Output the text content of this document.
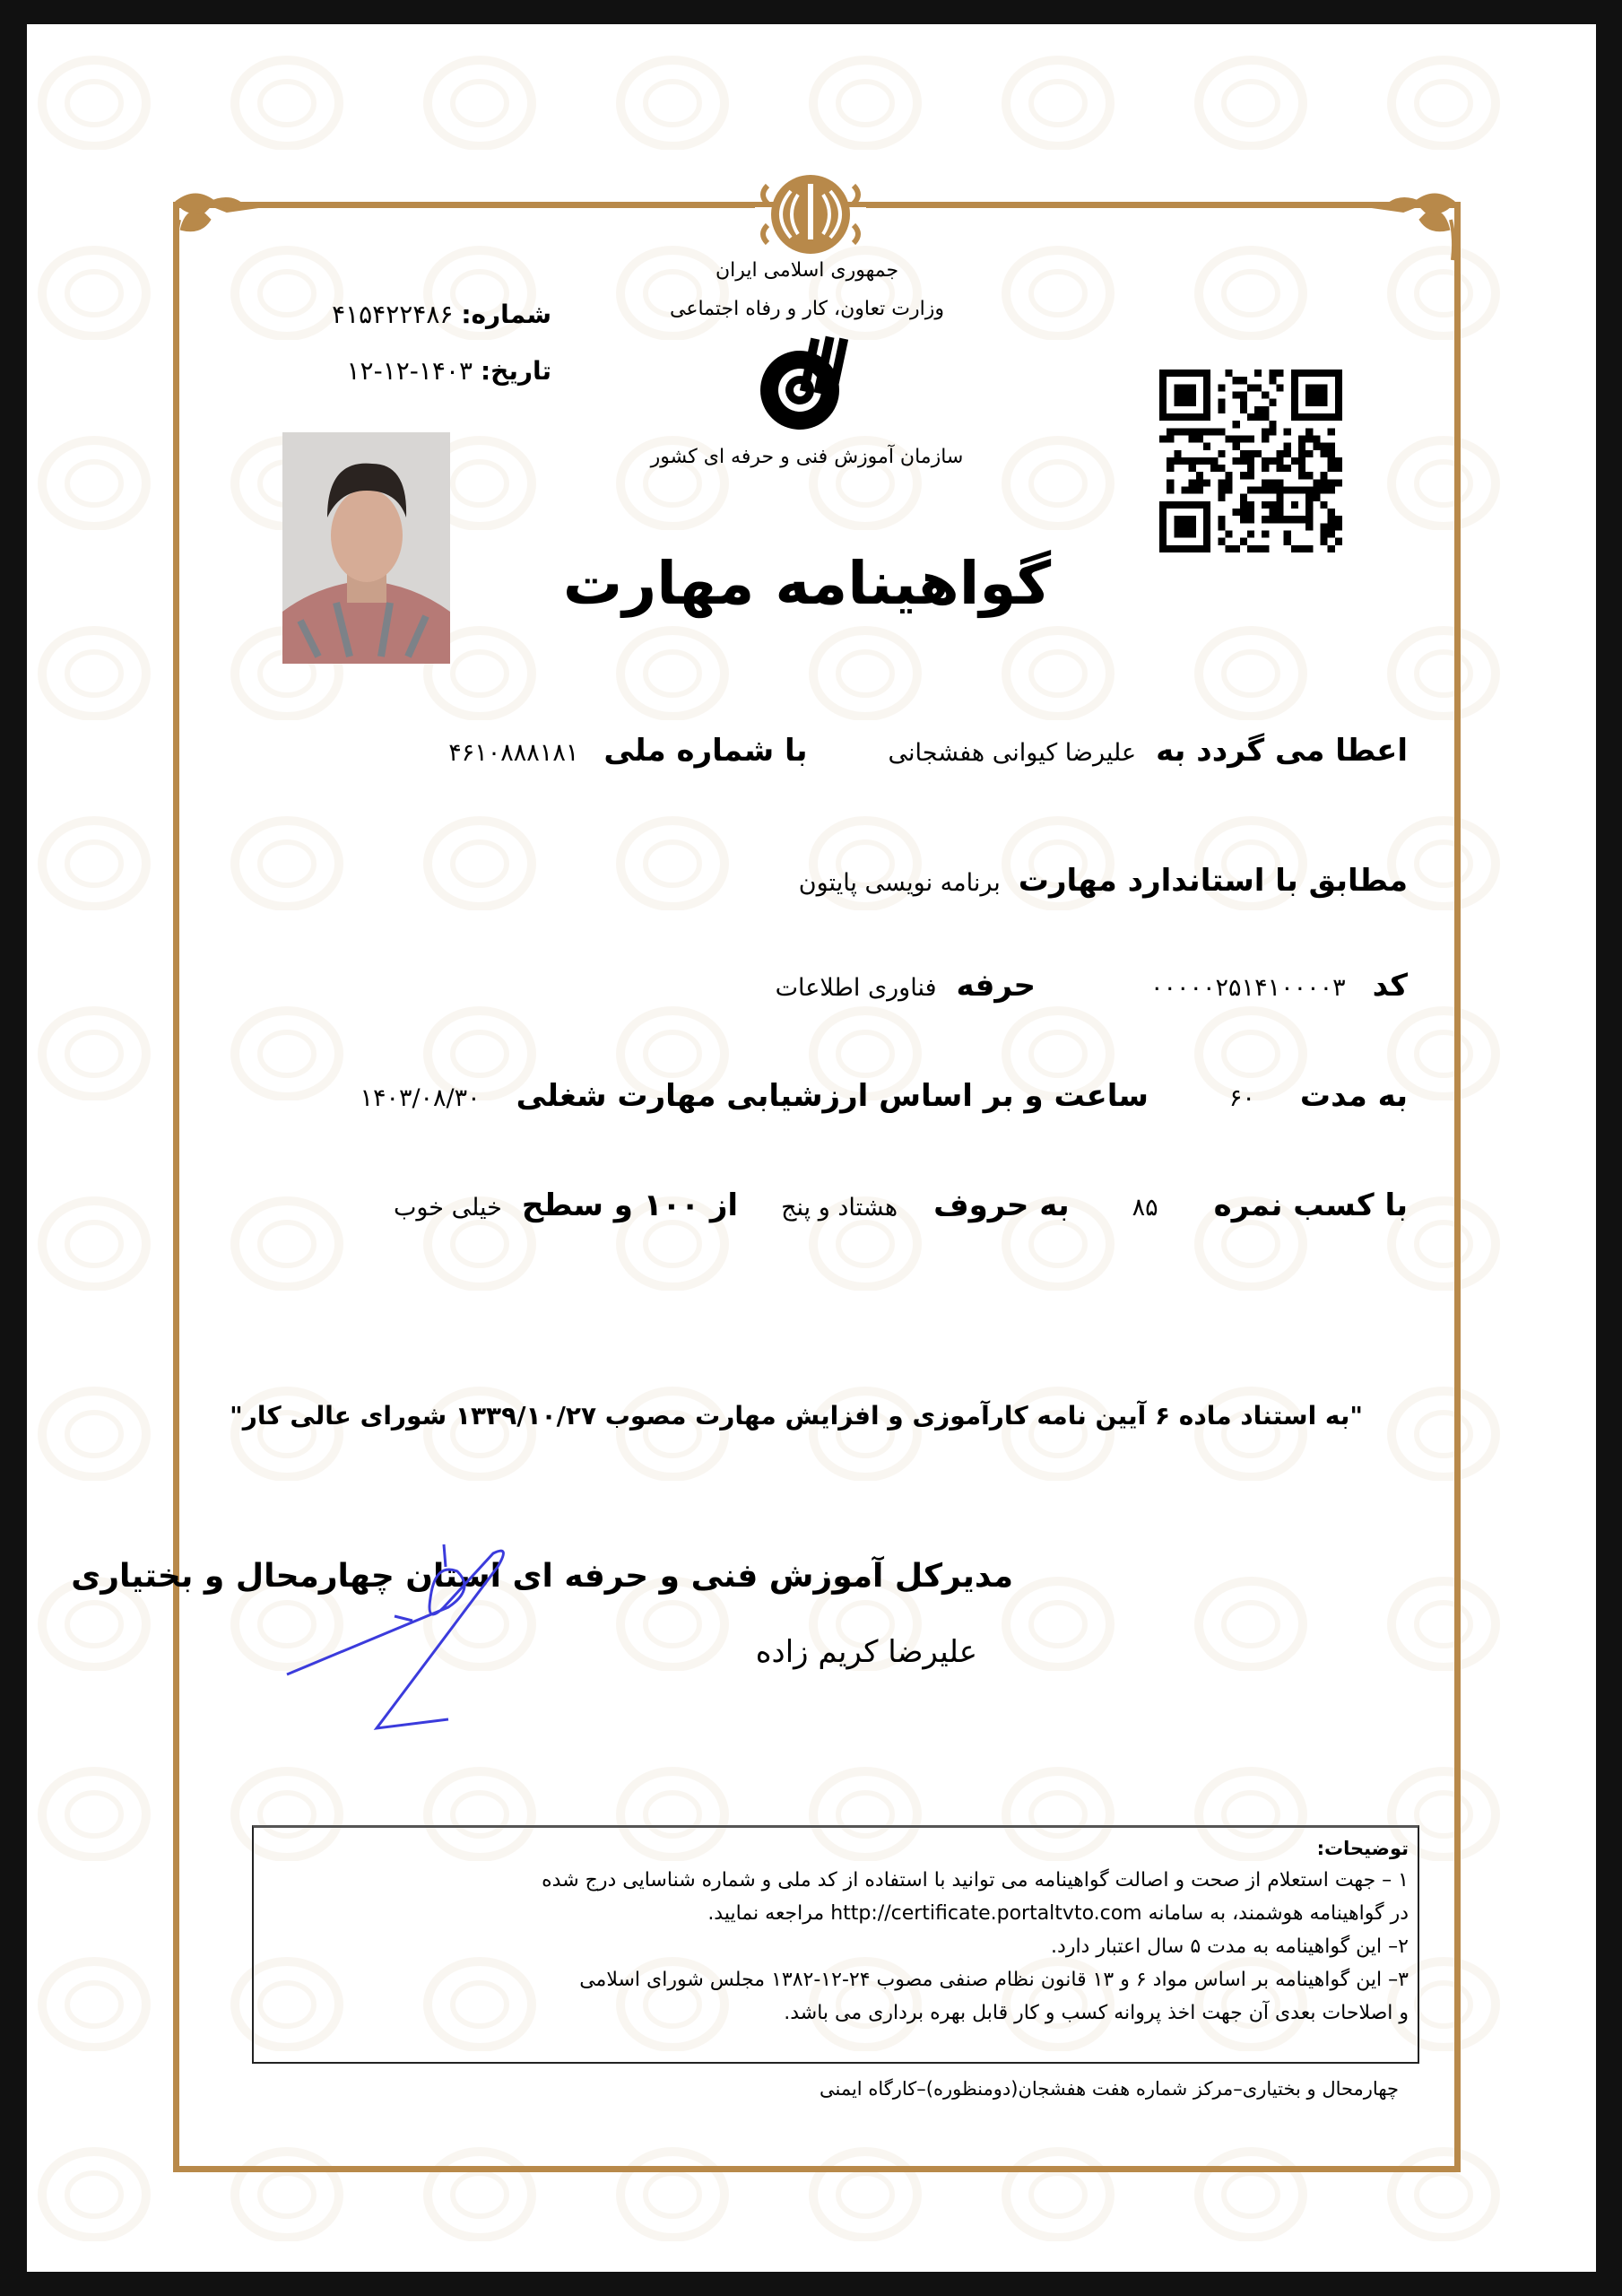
جمهوری اسلامی ایران
وزارت تعاون، کار و رفاه اجتماعی
سازمان آموزش فنی و حرفه ای کشور
شماره: ۴۱۵۴۲۲۴۸۶
تاریخ: ۱۴۰۳-۱۲-۱۲
گواهینامه مهارت
اعطا می گردد به
علیرضا کیوانی هفشجانی
با شماره ملی
۴۶۱۰۸۸۸۱۸۱
مطابق با استاندارد مهارت
برنامه نویسی پایتون
کد
۰۰۰۰۰۲۵۱۴۱۰۰۰۰۳
حرفه
فناوری اطلاعات
به مدت
۶۰
ساعت و بر اساس ارزشیابی مهارت شغلی
۱۴۰۳/۰۸/۳۰
با کسب نمره
۸۵
به حروف
هشتاد و پنج
از ۱۰۰ و سطح
خیلی خوب
"به استناد ماده ۶ آیین نامه کارآموزی و افزایش مهارت مصوب ۱۳۳۹/۱۰/۲۷ شورای عالی کار"
مدیرکل آموزش فنی و حرفه ای استان چهارمحال و بختیاری
علیرضا کریم زاده
توضیحات:
۱ – جهت استعلام از صحت و اصالت گواهینامه می توانید با استفاده از کد ملی و شماره شناسایی درج شده
در گواهینامه هوشمند، به سامانه http://certificate.portaltvto.com مراجعه نمایید.
۲– این گواهینامه به مدت ۵ سال اعتبار دارد.
۳– این گواهینامه بر اساس مواد ۶ و ۱۳ قانون نظام صنفی مصوب ۲۴-۱۲-۱۳۸۲ مجلس شورای اسلامی
و اصلاحات بعدی آن جهت اخذ پروانه کسب و کار قابل بهره برداری می باشد.
چهارمحال و بختیاری–مرکز شماره هفت هفشجان(دومنظوره)–کارگاه ایمنی
